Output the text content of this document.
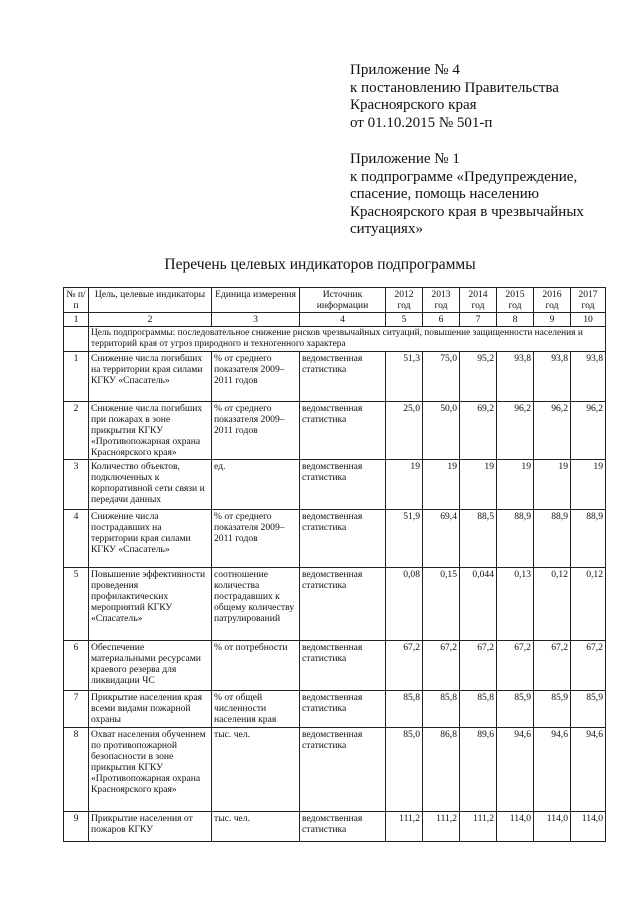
Приложение № 4
к постановлению Правительства
Красноярского края
от 01.10.2015 № 501-п
Приложение № 1
к подпрограмме «Предупреждение,
спасение, помощь населению
Красноярского края в чрезвычайных
ситуациях»
Перечень целевых индикаторов подпрограммы
№ п/п	Цель, целевые индикаторы	Единица измерения	Источник информации	2012 год	2013 год	2014 год	2015 год	2016 год	2017 год
1	2	3	4	5	6	7	8	9	10
	Цель подпрограммы: последовательное снижение рисков чрезвычайных ситуаций, повышение защищенности населения и территорий края от угроз природного и техногенного характера								
1	Снижение числа погибших на территории края силами КГКУ «Спасатель»	% от среднего показателя 2009–2011 годов	ведомственная статистика	51,3	75,0	95,2	93,8	93,8	93,8
2	Снижение числа погибших при пожарах в зоне прикрытия КГКУ «Противопожарная охрана Красноярского края»	% от среднего показателя 2009–2011 годов	ведомственная статистика	25,0	50,0	69,2	96,2	96,2	96,2
3	Количество объектов, подключенных к корпоративной сети связи и передачи данных	ед.	ведомственная статистика	19	19	19	19	19	19
4	Снижение числа пострадавших на территории края силами КГКУ «Спасатель»	% от среднего показателя 2009–2011 годов	ведомственная статистика	51,9	69,4	88,5	88,9	88,9	88,9
5	Повышение эффективности проведения профилактических мероприятий КГКУ «Спасатель»	соотношение количества пострадавших к общему количеству патрулирований	ведомственная статистика	0,08	0,15	0,044	0,13	0,12	0,12
6	Обеспечение материальными ресурсами краевого резерва для ликвидации ЧС	% от потребности	ведомственная статистика	67,2	67,2	67,2	67,2	67,2	67,2
7	Прикрытие населения края всеми видами пожарной охраны	% от общей численности населения края	ведомственная статистика	85,8	85,8	85,8	85,9	85,9	85,9
8	Охват населения обученнем по противопожарной безопасности в зоне прикрытия КГКУ «Противопожарная охрана Красноярского края»	тыс. чел.	ведомственная статистика	85,0	86,8	89,6	94,6	94,6	94,6
9	Прикрытие населения от пожаров КГКУ	тыс. чел.	ведомственная статистика	111,2	111,2	111,2	114,0	114,0	114,0
